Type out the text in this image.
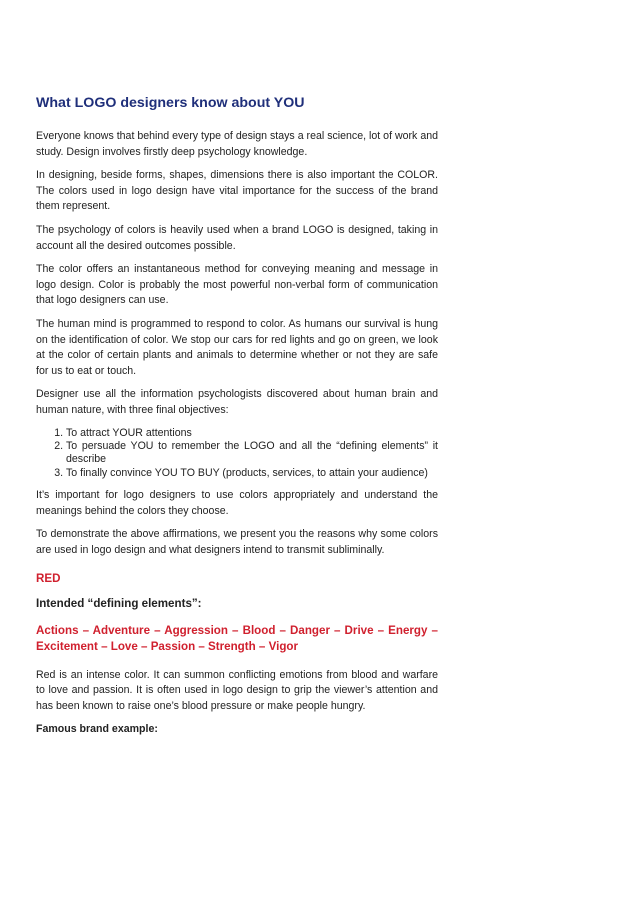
What LOGO designers know about YOU

Everyone knows that behind every type of design stays a real science, lot of work and study. Design involves firstly deep psychology knowledge.

In designing, beside forms, shapes, dimensions there is also important the COLOR. The colors used in logo design have vital importance for the success of the brand them represent.

The psychology of colors is heavily used when a brand LOGO is designed, taking in account all the desired outcomes possible.

The color offers an instantaneous method for conveying meaning and message in logo design. Color is probably the most powerful non-verbal form of communication that logo designers can use.

The human mind is programmed to respond to color. As humans our survival is hung on the identification of color. We stop our cars for red lights and go on green, we look at the color of certain plants and animals to determine whether or not they are safe for us to eat or touch.

Designer use all the information psychologists discovered about human brain and human nature, with three final objectives:

1. To attract YOUR attentions
2. To persuade YOU to remember the LOGO and all the “defining elements” it describe
3. To finally convince YOU TO BUY (products, services, to attain your audience)

It’s important for logo designers to use colors appropriately and understand the meanings behind the colors they choose.

To demonstrate the above affirmations, we present you the reasons why some colors are used in logo design and what designers intend to transmit subliminally.

RED
Intended “defining elements”:
Actions – Adventure – Aggression – Blood – Danger – Drive – Energy – Excitement – Love – Passion – Strength – Vigor

Red is an intense color. It can summon conflicting emotions from blood and warfare to love and passion. It is often used in logo design to grip the viewer’s attention and has been known to raise one’s blood pressure or make people hungry.

Famous brand example:
